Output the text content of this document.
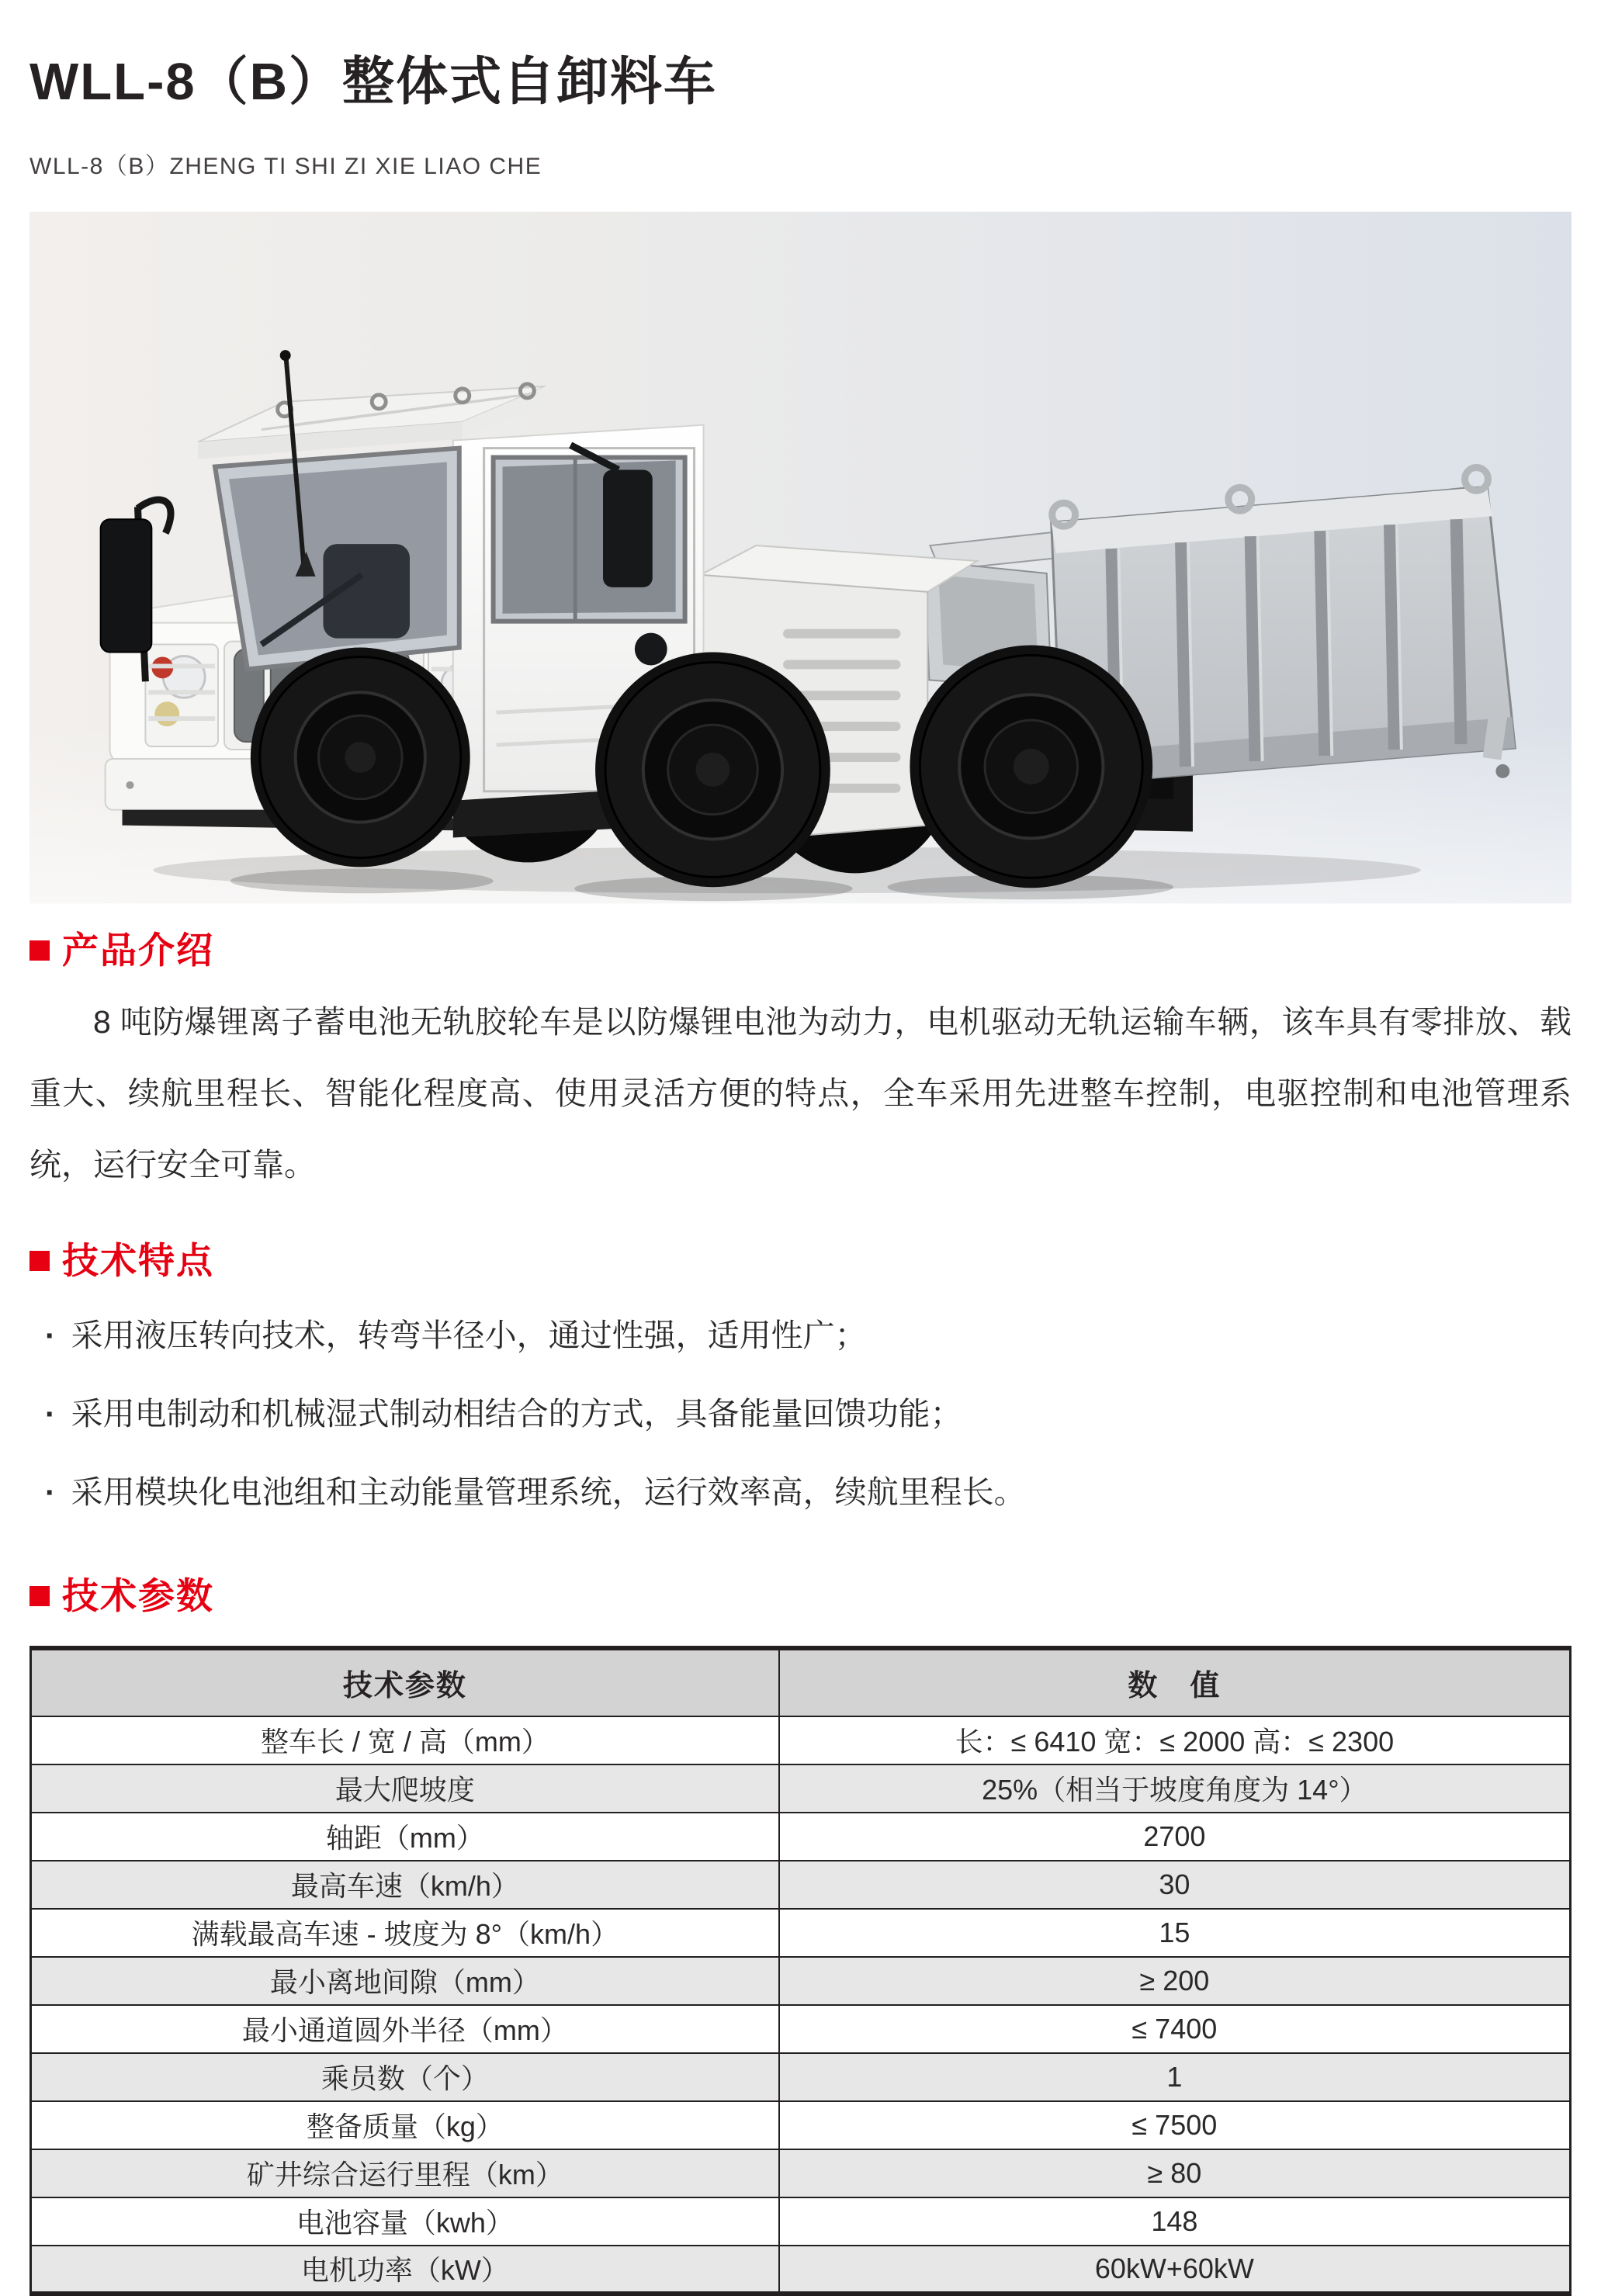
WLL-8（B）整体式自卸料车
WLL-8（B）ZHENG TI SHI ZI XIE LIAO CHE
产品介绍

8 吨防爆锂离子蓄电池无轨胶轮车是以防爆锂电池为动力，电机驱动无轨运输车辆，该车具有零排放、载重大、续航里程长、智能化程度高、使用灵活方便的特点，全车采用先进整车控制，电驱控制和电池管理系统，运行安全可靠。

技术特点
· 采用液压转向技术，转弯半径小，通过性强，适用性广；
· 采用电制动和机械湿式制动相结合的方式，具备能量回馈功能；
· 采用模块化电池组和主动能量管理系统，运行效率高，续航里程长。
技术参数
技术参数	数　值
整车长 / 宽 / 高（mm）	长：≤ 6410 宽：≤ 2000 高：≤ 2300
最大爬坡度	25%（相当于坡度角度为 14°）
轴距（mm）	2700
最高车速（km/h）	30
满载最高车速 - 坡度为 8°（km/h）	15
最小离地间隙（mm）	≥ 200
最小通道圆外半径（mm）	≤ 7400
乘员数（个）	1
整备质量（kg）	≤ 7500
矿井综合运行里程（km）	≥ 80
电池容量（kwh）	148
电机功率（kW）	60kW+60kW
